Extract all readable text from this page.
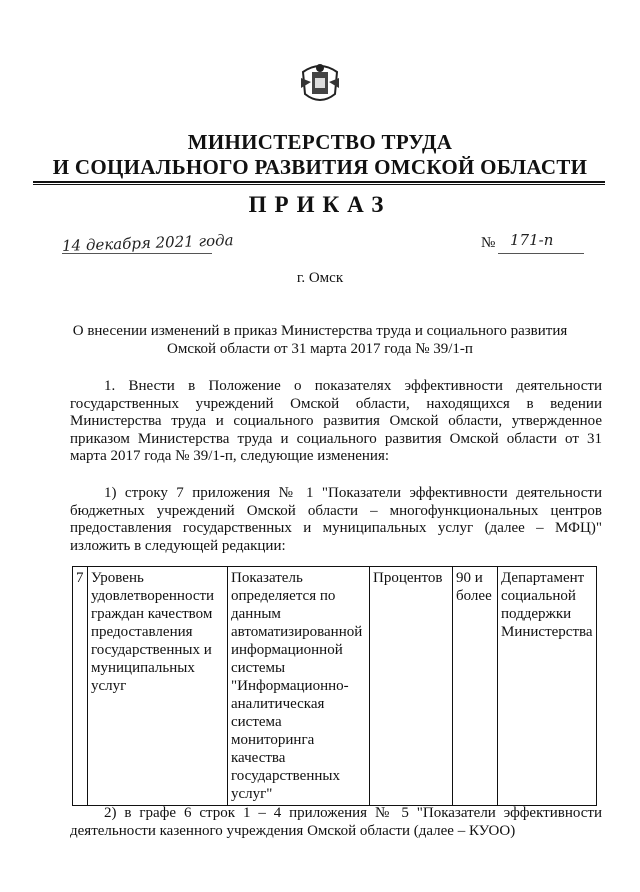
МИНИСТЕРСТВО ТРУДА
И СОЦИАЛЬНОГО РАЗВИТИЯ ОМСКОЙ ОБЛАСТИ
ПРИКАЗ
14 декабря 2021 года	№ 171-п
г. Омск
О внесении изменений в приказ Министерства труда и социального развития
Омской области от 31 марта 2017 года № 39/1-п
1. Внести в Положение о показателях эффективности деятельности государственных учреждений Омской области, находящихся в ведении Министерства труда и социального развития Омской области, утвержденное приказом Министерства труда и социального развития Омской области от 31 марта 2017 года № 39/1-п, следующие изменения:
1) строку 7 приложения № 1 "Показатели эффективности деятельности бюджетных учреждений Омской области – многофункциональных центров предоставления государственных и муниципальных услуг (далее – МФЦ)" изложить в следующей редакции:
7	Уровень удовлетворенности граждан качеством предоставления государственных и муниципальных услуг	Показатель определяется по данным автоматизированной информационной системы "Информационно-аналитическая система мониторинга качества государственных услуг"	Процентов	90 и более	Департамент социальной поддержки Министерства
2) в графе 6 строк 1 – 4 приложения № 5 "Показатели эффективности деятельности казенного учреждения Омской области (далее – КУОО)
